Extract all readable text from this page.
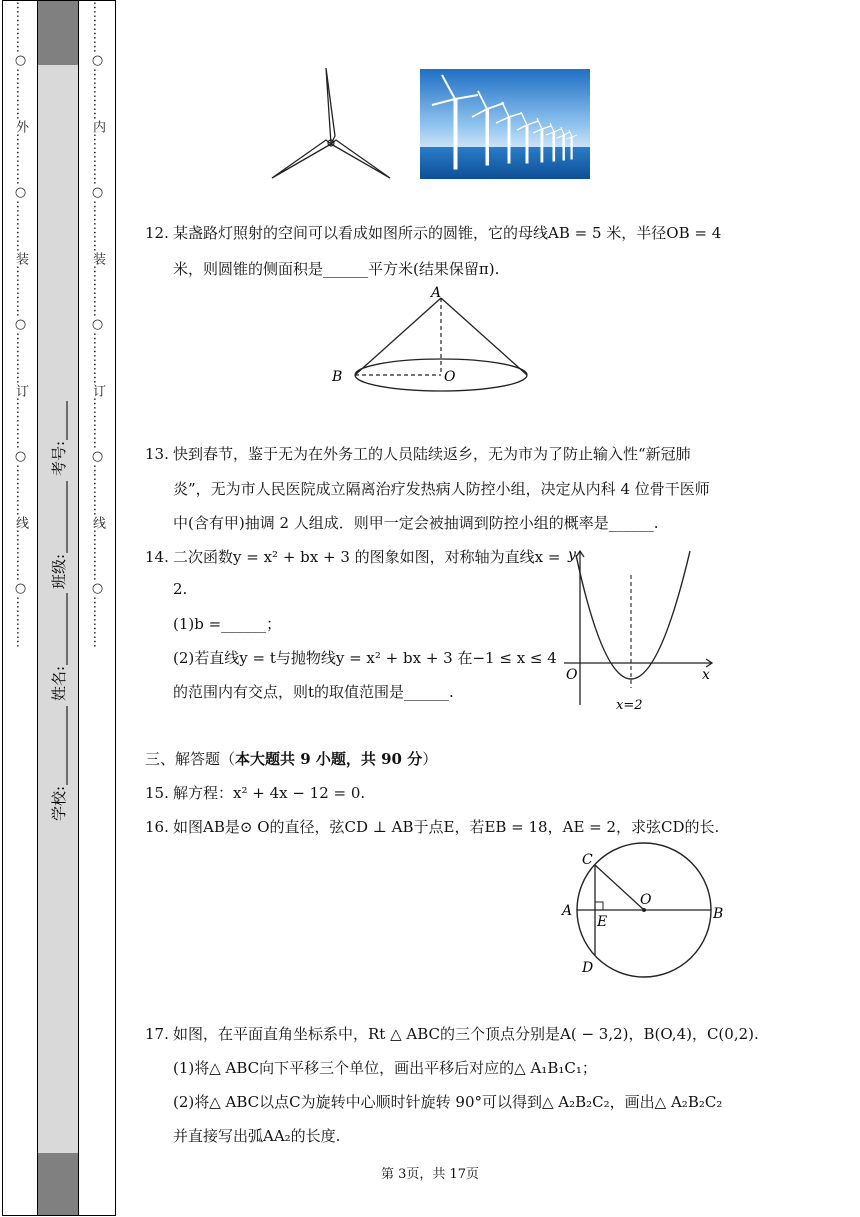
…………○…………外…………○…………装…………○…………订…………○…………线…………○…………
学校:
姓名:
班级:
考号: …………○…………内…………○…………装…………○…………订…………○…………线…………○…………	12. 某盏路灯照射的空间可以看成如图所示的圆锥，它的母线AB = 5 米，半径OB = 4
米，则圆锥的侧面积是______平方米(结果保留π).
A
B	O
13. 快到春节，鉴于无为在外务工的人员陆续返乡，无为市为了防止输入性“新冠肺
炎”，无为市人民医院成立隔离治疗发热病人防控小组，决定从内科 4 位骨干医师
中(含有甲)抽调 2 人组成．则甲一定会被抽调到防控小组的概率是______.
14. 二次函数y = x² + bx + 3 的图象如图，对称轴为直线x =
2.
(1)b =______；
(2)若直线y = t与抛物线y = x² + bx + 3 在−1 ≤ x ≤ 4
的范围内有交点，则t的取值范围是______.
y
x
O
x=2
三、解答题（本大题共 9 小题，共 90 分）
15. 解方程：x² + 4x − 12 = 0.
16. 如图AB是⊙ O的直径，弦CD ⊥ AB于点E，若EB = 18，AE = 2，求弦CD的长.
C
O
A
E	B
D
17. 如图，在平面直角坐标系中，Rt △ ABC的三个顶点分别是A( − 3,2)，B(O,4)，C(0,2).
(1)将△ ABC向下平移三个单位，画出平移后对应的△ A₁B₁C₁；
(2)将△ ABC以点C为旋转中心顺时针旋转 90°可以得到△ A₂B₂C₂，画出△ A₂B₂C₂
并直接写出弧AA₂的长度.
第 3页，共 17页
